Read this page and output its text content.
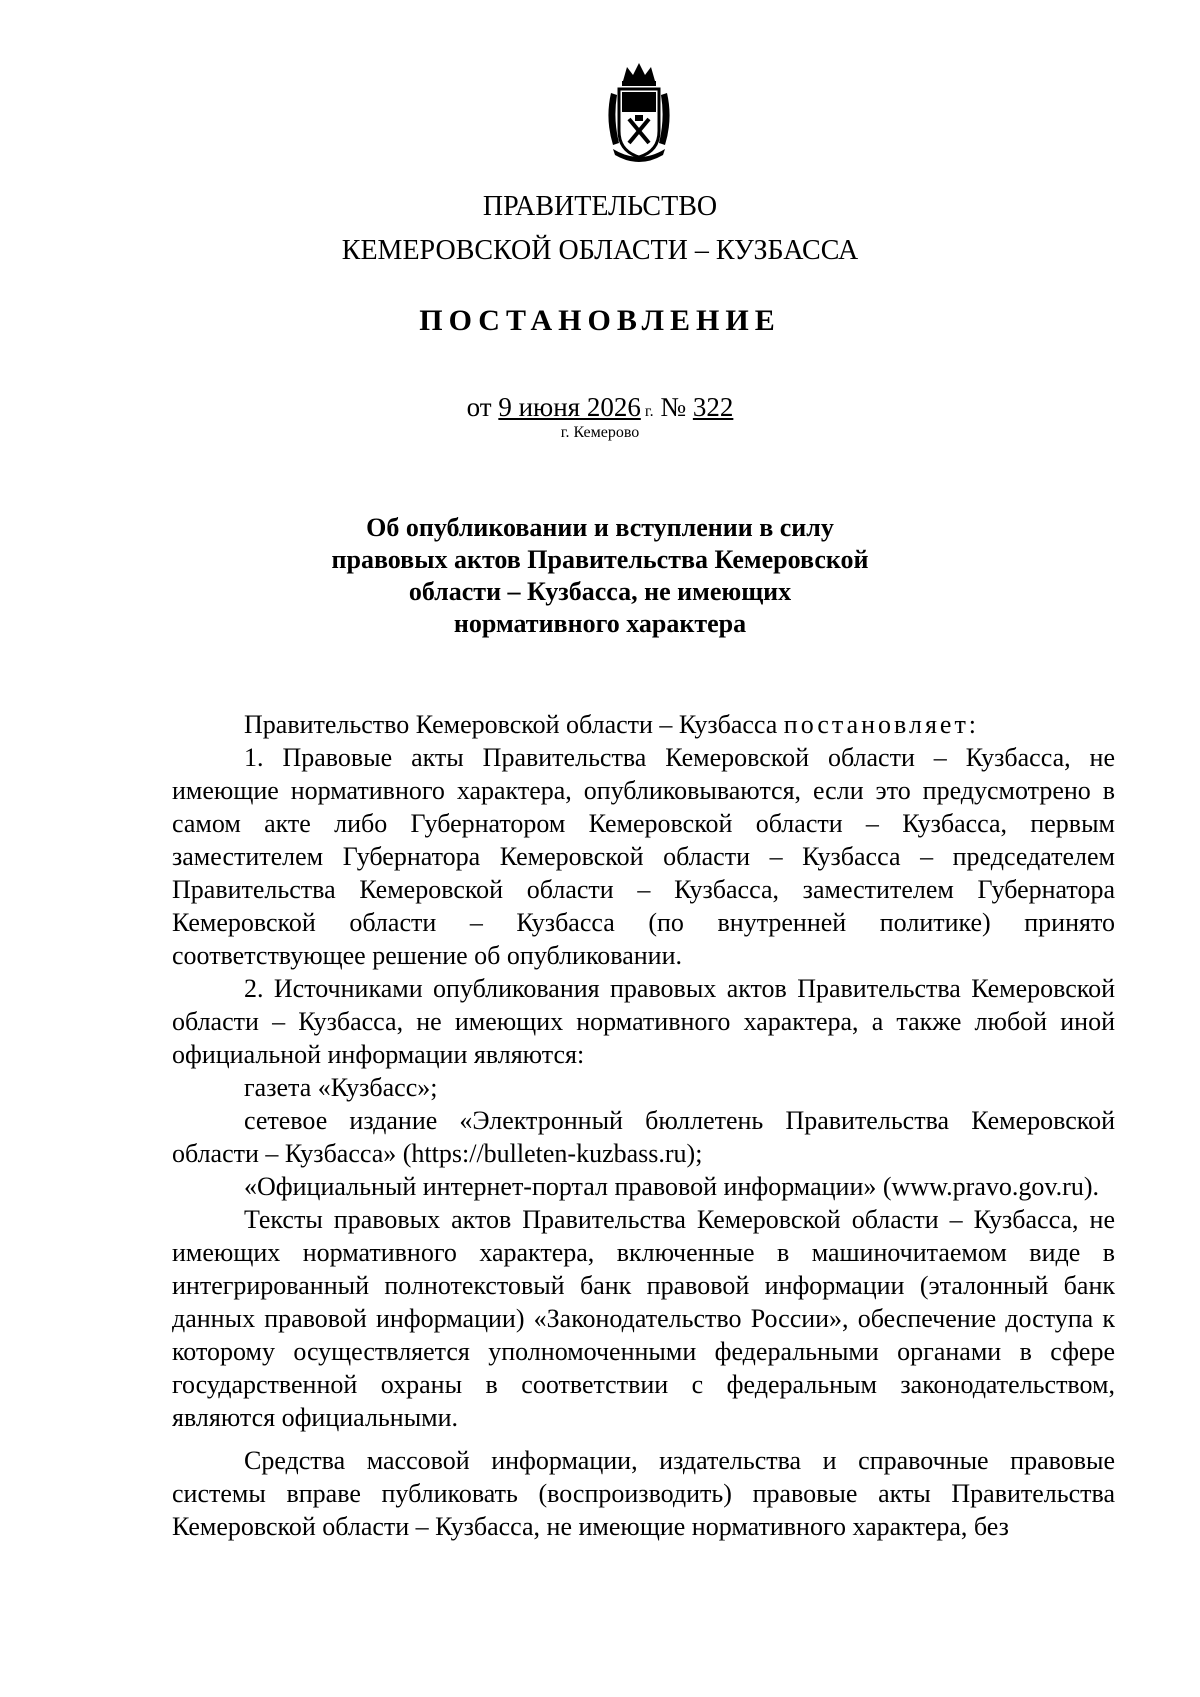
ПРАВИТЕЛЬСТВО
КЕМЕРОВСКОЙ ОБЛАСТИ – КУЗБАССА
ПОСТАНОВЛЕНИЕ
от 9 июня 2026 г. № 322
г. Кемерово
Об опубликовании и вступлении в силу
правовых актов Правительства Кемеровской
области – Кузбасса, не имеющих
нормативного характера

Правительство Кемеровской области – Кузбасса постановляет:

1. Правовые акты Правительства Кемеровской области – Кузбасса, не имеющие нормативного характера, опубликовываются, если это предусмотрено в самом акте либо Губернатором Кемеровской области – Кузбасса, первым заместителем Губернатора Кемеровской области – Кузбасса – председателем Правительства Кемеровской области – Кузбасса, заместителем Губернатора Кемеровской области – Кузбасса (по внутренней политике) принято соответствующее решение об опубликовании.

2. Источниками опубликования правовых актов Правительства Кемеровской области – Кузбасса, не имеющих нормативного характера, а также любой иной официальной информации являются:

газета «Кузбасс»;

сетевое издание «Электронный бюллетень Правительства Кемеровской области – Кузбасса» (https://bulleten-kuzbass.ru);

«Официальный интернет-портал правовой информации» (www.pravo.gov.ru).

Тексты правовых актов Правительства Кемеровской области – Кузбасса, не имеющих нормативного характера, включенные в машиночитаемом виде в интегрированный полнотекстовый банк правовой информации (эталонный банк данных правовой информации) «Законодательство России», обеспечение доступа к которому осуществляется уполномоченными федеральными органами в сфере государственной охраны в соответствии с федеральным законодательством, являются официальными.

Средства массовой информации, издательства и справочные правовые системы вправе публиковать (воспроизводить) правовые акты Правительства Кемеровской области – Кузбасса, не имеющие нормативного характера, без
